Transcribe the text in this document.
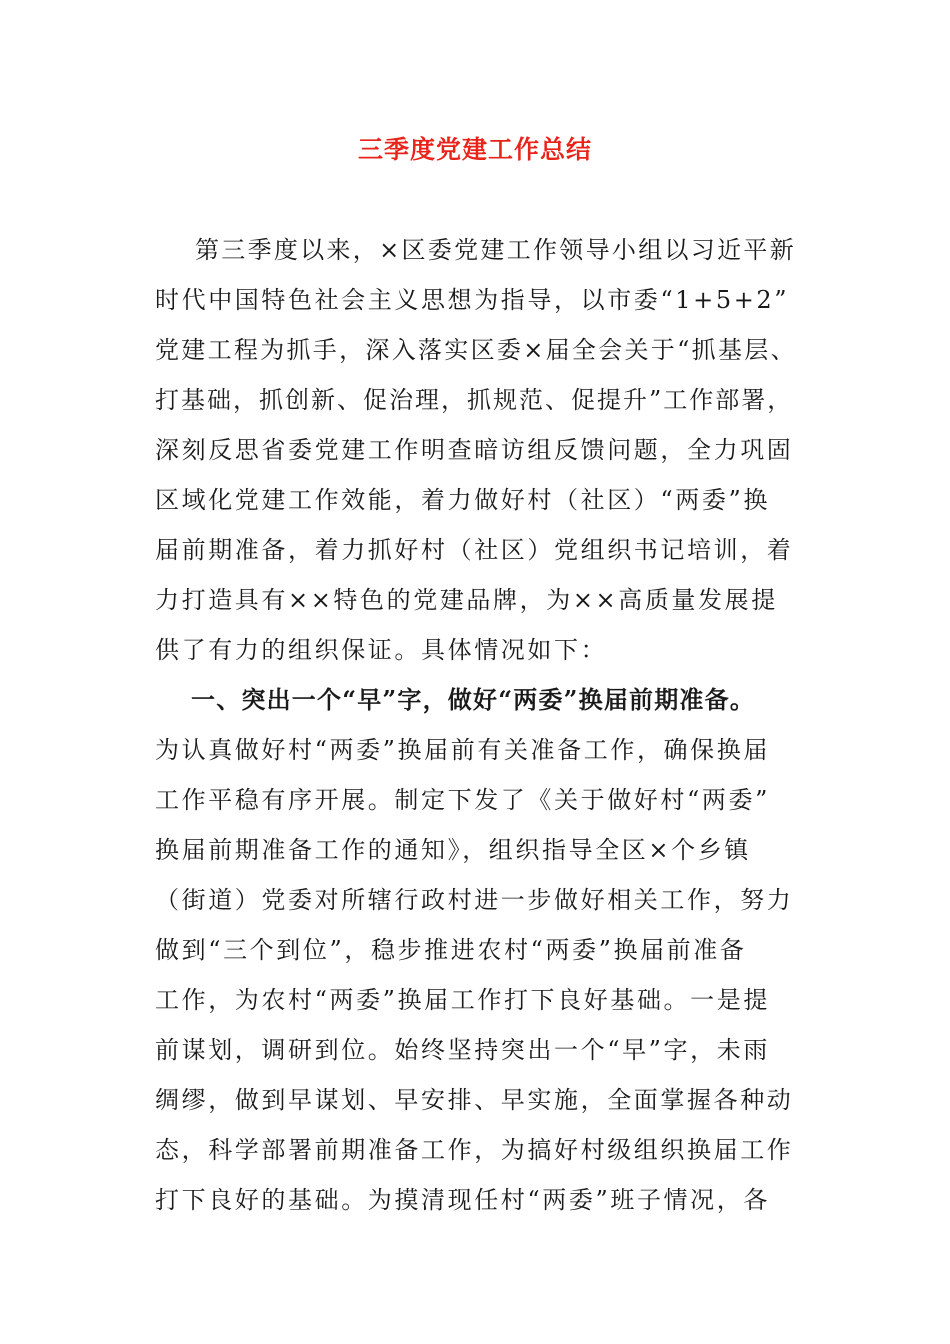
三季度党建工作总结
第三季度以来，×区委党建工作领导小组以习近平新
时代中国特色社会主义思想为指导，以市委“1+5+2”
党建工程为抓手，深入落实区委×届全会关于“抓基层、
打基础，抓创新、促治理，抓规范、促提升”工作部署，
深刻反思省委党建工作明查暗访组反馈问题，全力巩固
区域化党建工作效能，着力做好村（社区）“两委”换
届前期准备，着力抓好村（社区）党组织书记培训，着
力打造具有××特色的党建品牌，为××高质量发展提
供了有力的组织保证。具体情况如下：
一、突出一个“早”字，做好“两委”换届前期准备。
为认真做好村“两委”换届前有关准备工作，确保换届
工作平稳有序开展。制定下发了《关于做好村“两委”
换届前期准备工作的通知》，组织指导全区×个乡镇
（街道）党委对所辖行政村进一步做好相关工作，努力
做到“三个到位”，稳步推进农村“两委”换届前准备
工作，为农村“两委”换届工作打下良好基础。一是提
前谋划，调研到位。始终坚持突出一个“早”字，未雨
绸缪，做到早谋划、早安排、早实施，全面掌握各种动
态，科学部署前期准备工作，为搞好村级组织换届工作
打下良好的基础。为摸清现任村“两委”班子情况，各
